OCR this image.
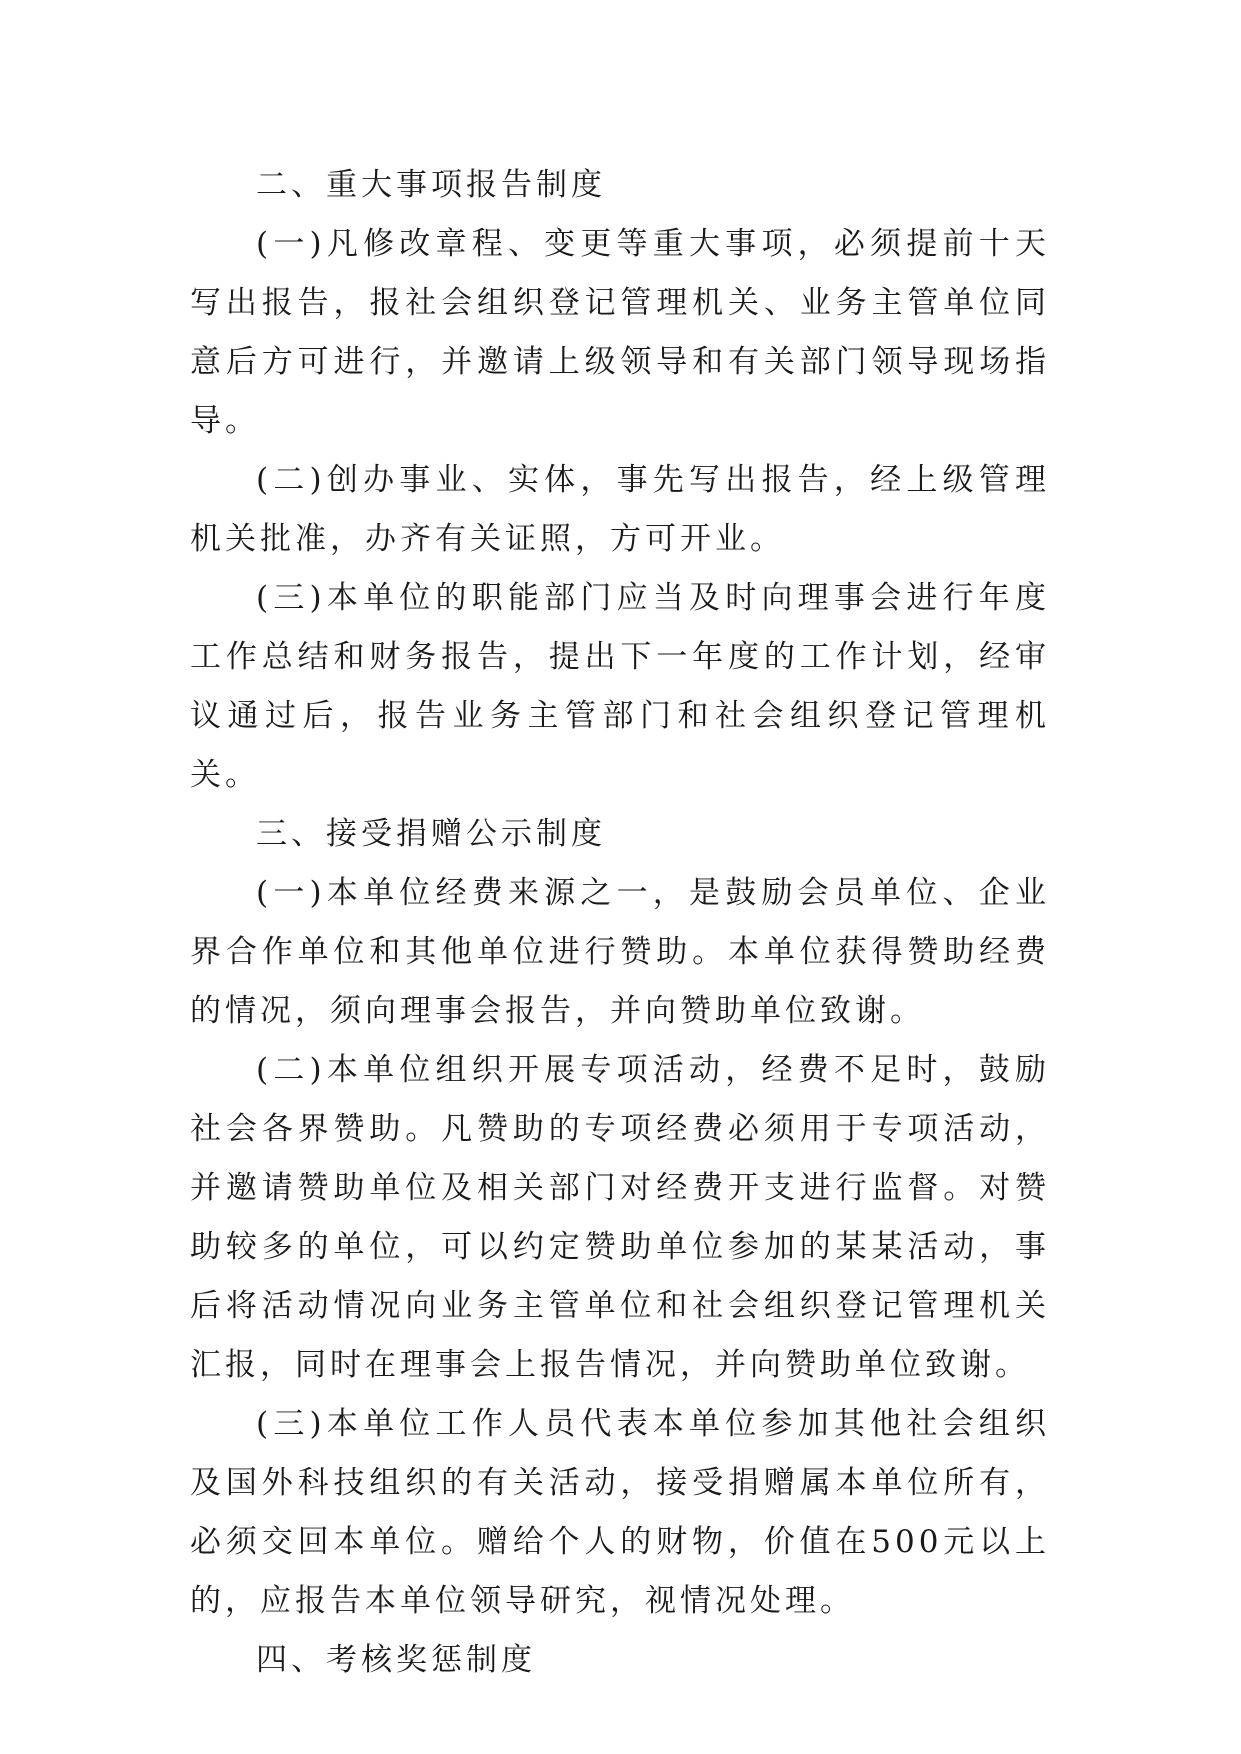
二、重大事项报告制度

(一)凡修改章程、变更等重大事项，必须提前十天写出报告，报社会组织登记管理机关、业务主管单位同意后方可进行，并邀请上级领导和有关部门领导现场指导。

(二)创办事业、实体，事先写出报告，经上级管理机关批准，办齐有关证照，方可开业。

(三)本单位的职能部门应当及时向理事会进行年度工作总结和财务报告，提出下一年度的工作计划，经审议通过后，报告业务主管部门和社会组织登记管理机关。

三、接受捐赠公示制度

(一)本单位经费来源之一，是鼓励会员单位、企业界合作单位和其他单位进行赞助。本单位获得赞助经费的情况，须向理事会报告，并向赞助单位致谢。

(二)本单位组织开展专项活动，经费不足时，鼓励社会各界赞助。凡赞助的专项经费必须用于专项活动，并邀请赞助单位及相关部门对经费开支进行监督。对赞助较多的单位，可以约定赞助单位参加的某某活动，事后将活动情况向业务主管单位和社会组织登记管理机关汇报，同时在理事会上报告情况，并向赞助单位致谢。

(三)本单位工作人员代表本单位参加其他社会组织及国外科技组织的有关活动，接受捐赠属本单位所有，必须交回本单位。赠给个人的财物，价值在500元以上的，应报告本单位领导研究，视情况处理。

四、考核奖惩制度
